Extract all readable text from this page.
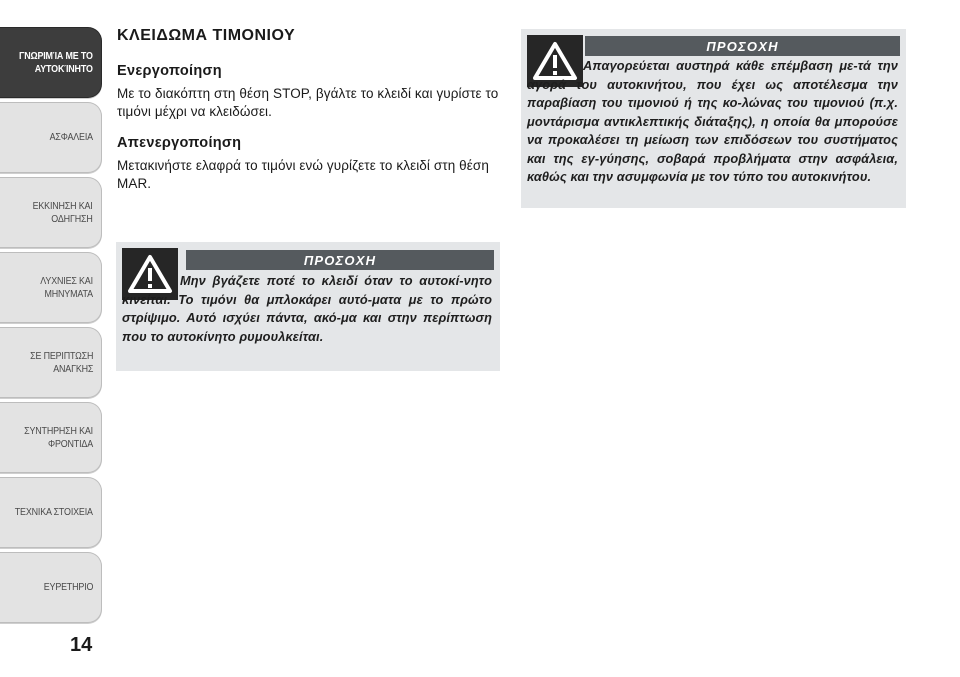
ΓΝΩΡΙΜΊΑ ΜΕ ΤΟ
ΑΥΤΟΚΊΝΗΤΟ
ΑΣΦΑΛΕΙΑ
ΕΚΚΙΝΗΣΗ ΚΑΙ
ΟΔΗΓΗΣΗ
ΛΥΧΝΙΕΣ ΚΑΙ
ΜΗΝΥΜΑΤΑ
ΣΕ ΠΕΡΙΠΤΩΣΗ
ΑΝΑΓΚΗΣ
ΣΥΝΤΗΡΗΣΗ ΚΑΙ
ΦΡΟΝΤΙΔΑ
ΤΕΧΝΙΚΑ ΣΤΟΙΧΕΙΑ
ΕΥΡΕΤΗΡΙΟ
14
ΚΛΕΙΔΩΜΑ ΤΙΜΟΝΙΟΥ
Ενεργοποίηση

Με το διακόπτη στη θέση STOP, βγάλτε το κλειδί και γυρίστε το τιμόνι μέχρι να κλειδώσει.

Απενεργοποίηση

Μετακινήστε ελαφρά το τιμόνι ενώ γυρίζετε το κλειδί στη θέση MAR.

ΠΡΟΣΟΧΗ
Μην βγάζετε ποτέ το κλειδί όταν το αυτοκί-νητο κινείται. Το τιμόνι θα μπλοκάρει αυτό-ματα με το πρώτο στρίψιμο. Αυτό ισχύει πάντα, ακό-μα και στην περίπτωση που το αυτοκίνητο ρυμουλκείται.
ΠΡΟΣΟΧΗ
Απαγορεύεται αυστηρά κάθε επέμβαση με-τά την αγορά του αυτοκινήτου, που έχει ως αποτέλεσμα την παραβίαση του τιμονιού ή της κο-λώνας του τιμονιού (π.χ. μοντάρισμα αντικλεπτικής διάταξης), η οποία θα μπορούσε να προκαλέσει τη μείωση των επιδόσεων του συστήματος και της εγ-γύησης, σοβαρά προβλήματα στην ασφάλεια, καθώς και την ασυμφωνία με τον τύπο του αυτοκινήτου.
